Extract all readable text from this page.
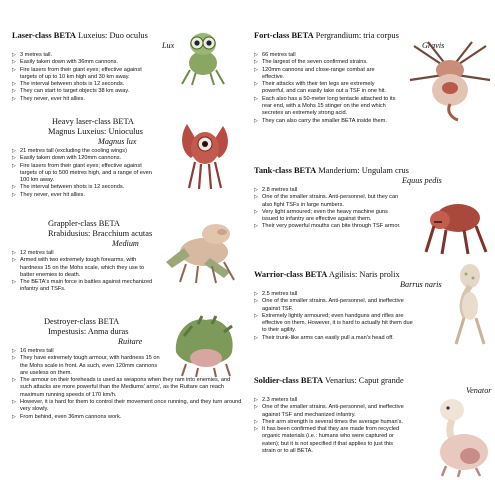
Laser-class BETA Luxeius: Duo oculus
Lux
▷ 3 metres tall.
▷ Easily taken down with 36mm cannons.
▷ Fire lasers from their giant eyes; effective against targets of up to 10 km high and 30 km away.
▷ The interval between shots is 12 seconds.
▷ They can start to target objects 38 km away.
▷ They never, ever hit allies.
Heavy laser-class BETA
Magnus Luxeius: Unioculus
Magnus lux
▷ 21 metres tall (excluding the cooling wings)
▷ Easily taken down with 120mm cannons.
▷ Fire lasers from their giant eyes; effective against targets of up to 500 metres high, and a range of even 100 km away.
▷ The interval between shots is 12 seconds.
▷ They never, ever hit allies.
Grappler-class BETA
Rrabidusius: Bracchium acutas
Medium
▷ 12 metres tall
▷ Armed with two extremely tough forearms, with hardness 15 on the Mohs scale, which they use to batter enemies to death.
▷ The BETA's main force in battles against mechanized infantry and TSFs.
Destroyer-class BETA
Impestusis: Anma duras
Ruitare
▷ 16 metres tall
▷ They have extremely tough armour, with hardness 15 on the Mohs scale in front. As such, even 120mm cannons are useless on them.
▷ The armour on their foreheads is used as weapons when they ram into enemies, and such attacks are more powerful than the Mediums' arms', as the Ruitare can reach maximum running speeds of 170 km/h.
▷ However, it is hard for them to control their movement once running, and they turn around very slowly.
▷ From behind, even 36mm cannons work.
Fort-class BETA Pergrandium: tria corpus
Gravis
▷ 66 metres tall
▷ The largest of the seven confirmed strains.
▷ 120mm cannons and close-range combat are effective.
▷ Their attacks with their ten legs are extremely powerful, and can easily take out a TSF in one hit.
▷ Each also has a 50-meter long tentacle attached to its rear end, with a Mohs 15 stinger on the end which secretes an extremely strong acid.
▷ They can also carry the smaller BETA inside them.
Tank-class BETA Manderium: Ungulam crus
Equus pedis
▷ 2.8 metres tall
▷ One of the smaller strains. Anti-personnel, but they can also fight TSFs in large numbers.
▷ Very light armoured; even the heavy machine guns issued to infantry are effective against them.
▷ Their very powerful mouths can bite through TSF armor.
Warrior-class BETA Agilisis: Naris prolix
Barrus naris
▷ 2.5 metres tall
▷ One of the smaller strains. Anti-personnel, and ineffective against TSF.
▷ Extremely lightly armoured; even handguns and rifles are effective on them. However, it is hard to actually hit them due to their agility.
▷ Their trunk-like arms can easily pull a man's head off.
Soldier-class BETA Venarius: Caput grande
Venator
▷ 2.3 meters tall
▷ One of the smaller strains. Anti-personnel, and ineffective against TSF and mechanized infantry.
▷ Their arm strength is several times the average human's.
▷ It has been confirmed that they are made from recycled organic materials (i.e.: humans who were captured or eaten); but it is not specified if that applies to just this strain or to all BETA.
